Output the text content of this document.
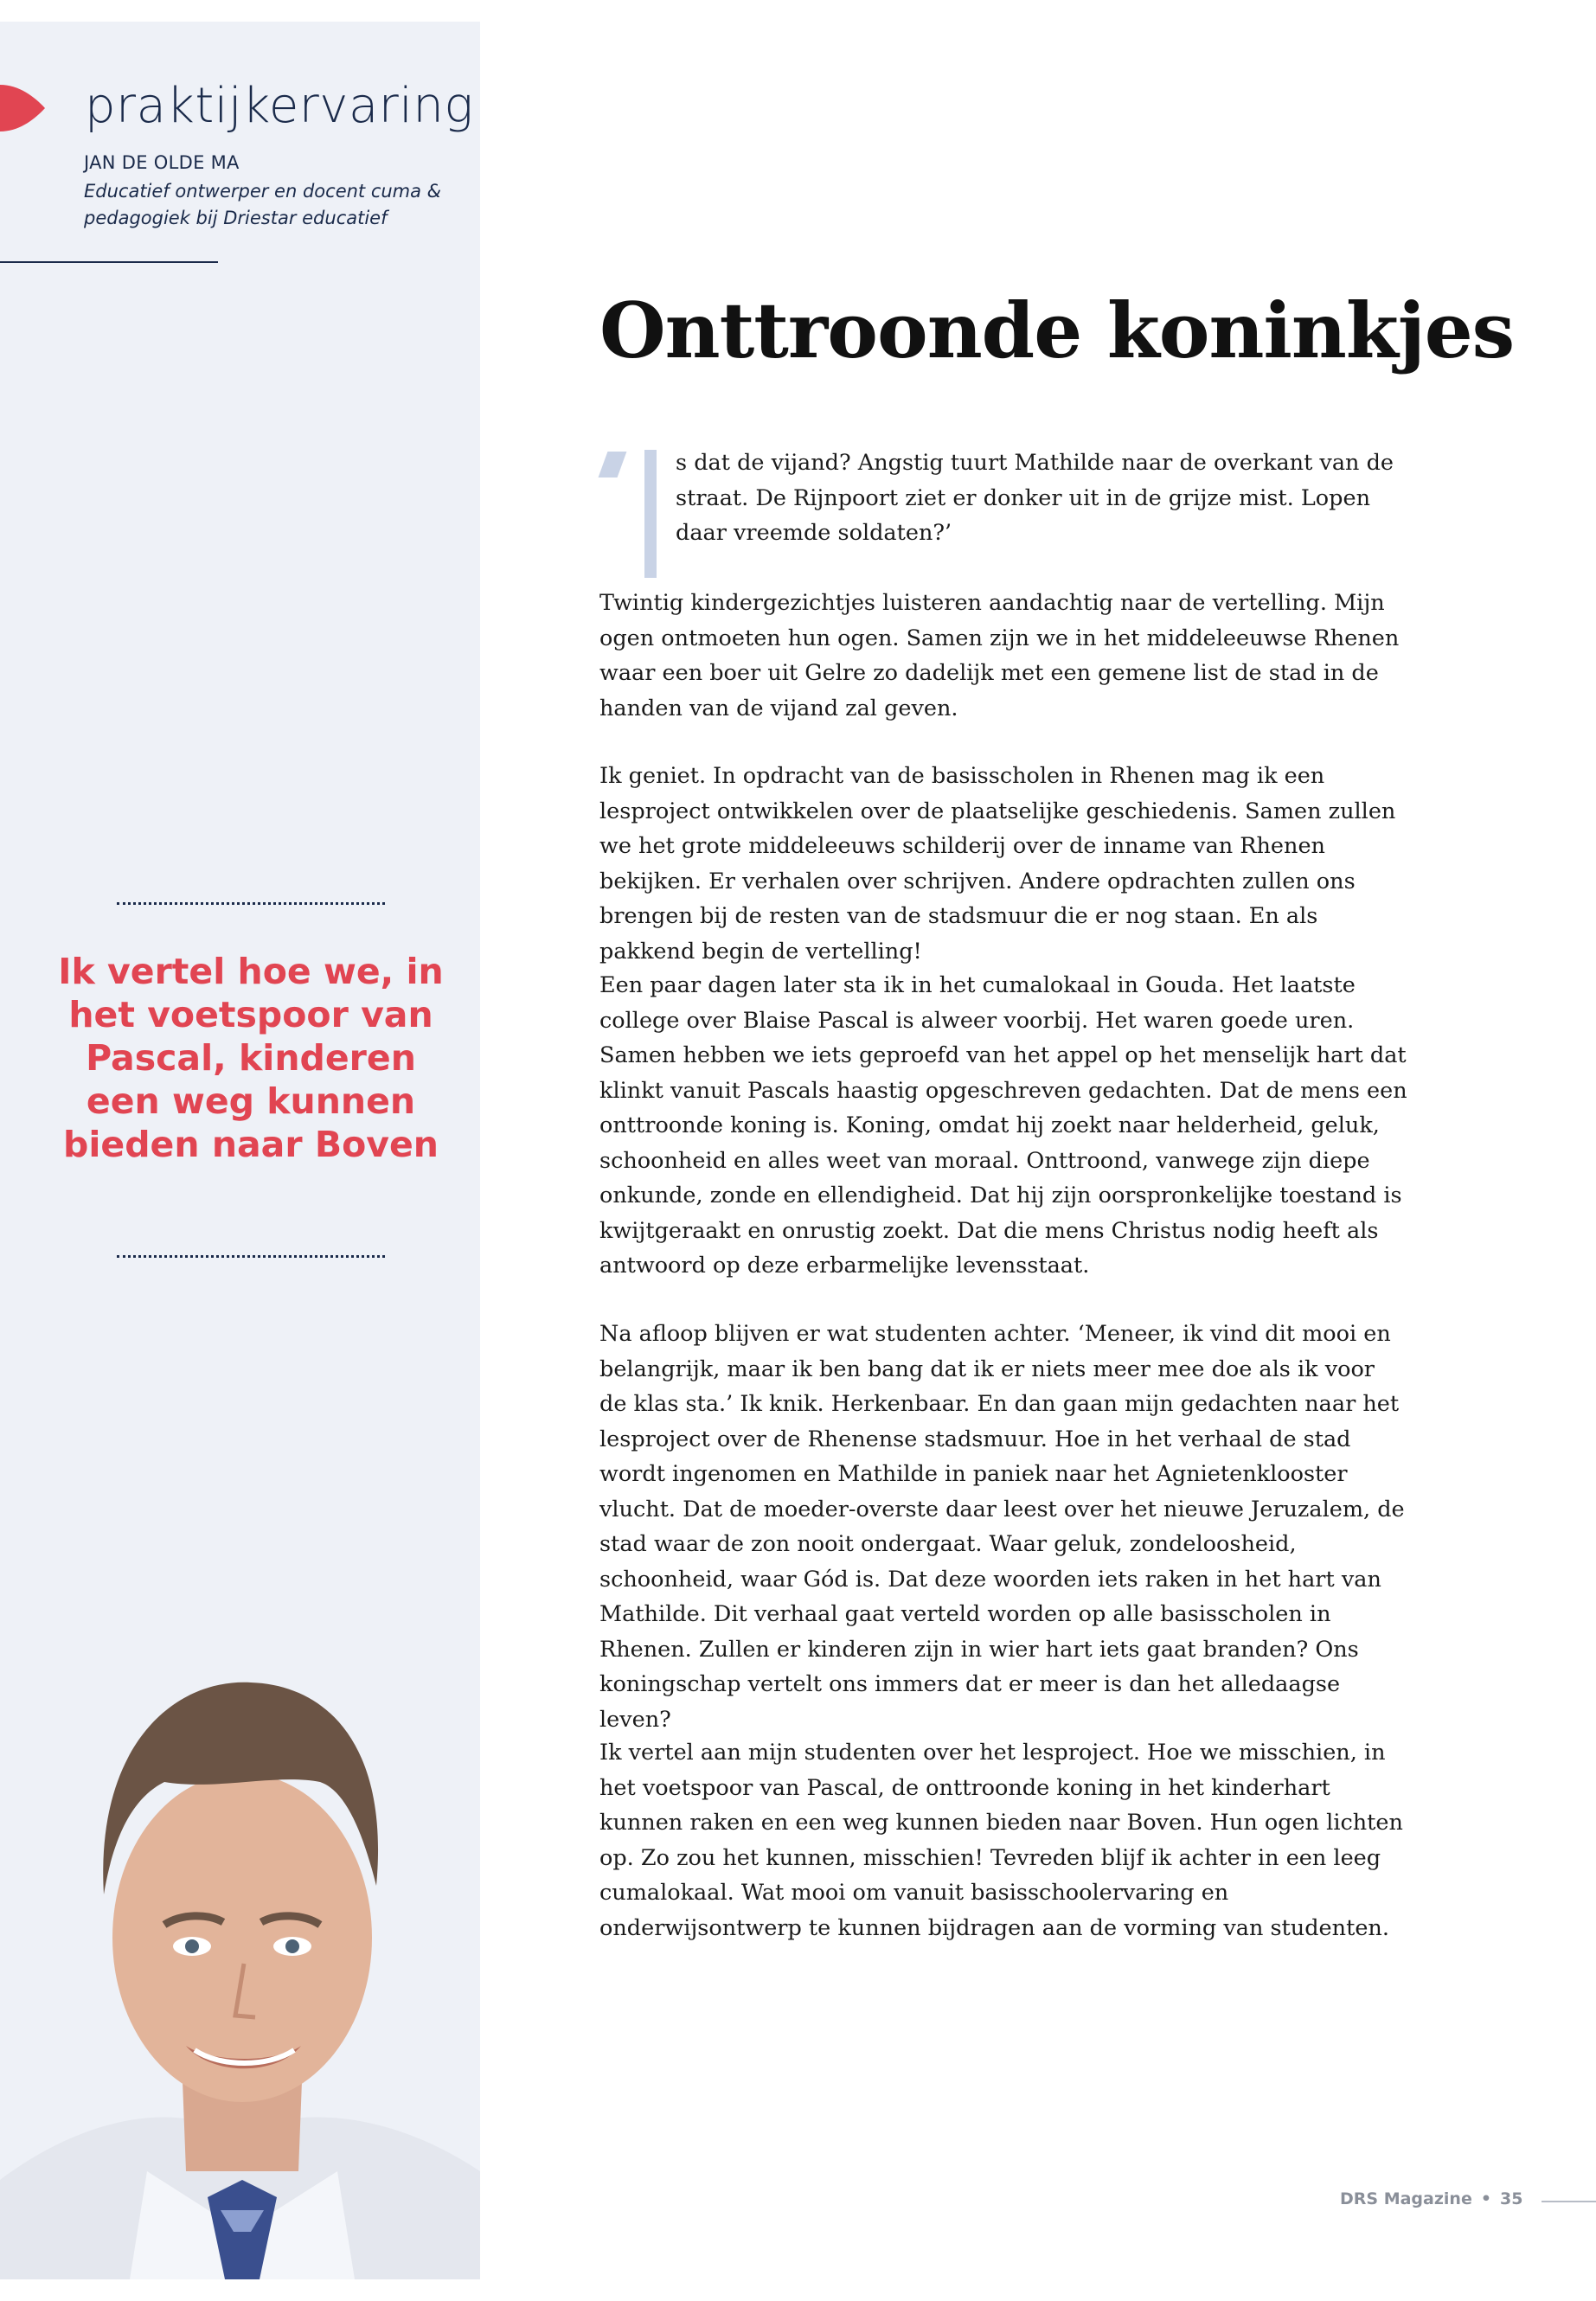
praktijkervaring
JAN DE OLDE MA
Educatief ontwerper en docent cuma & pedagogiek bij Driestar educatief
Ik vertel hoe we, in het voetspoor van Pascal, kinderen een weg kunnen bieden naar Boven
Onttroonde koninkjes

s dat de vijand? Angstig tuurt Mathilde naar de overkant van de straat. De Rijnpoort ziet er donker uit in de grijze mist. Lopen daar vreemde soldaten?’

Twintig kindergezichtjes luisteren aandachtig naar de vertelling. Mijn ogen ontmoeten hun ogen. Samen zijn we in het middeleeuwse Rhenen waar een boer uit Gelre zo dadelijk met een gemene list de stad in de handen van de vijand zal geven.

Ik geniet. In opdracht van de basisscholen in Rhenen mag ik een lesproject ontwikkelen over de plaatselijke geschiedenis. Samen zullen we het grote middeleeuws schilderij over de inname van Rhenen bekijken. Er verhalen over schrijven. Andere opdrachten zullen ons brengen bij de resten van de stadsmuur die er nog staan. En als pakkend begin de vertelling!

Een paar dagen later sta ik in het cumalokaal in Gouda. Het laatste college over Blaise Pascal is alweer voorbij. Het waren goede uren. Samen hebben we iets geproefd van het appel op het menselijk hart dat klinkt vanuit Pascals haastig opgeschreven gedachten. Dat de mens een onttroonde koning is. Koning, omdat hij zoekt naar helderheid, geluk, schoonheid en alles weet van moraal. Onttroond, vanwege zijn diepe onkunde, zonde en ellendigheid. Dat hij zijn oorspronkelijke toestand is kwijtgeraakt en onrustig zoekt. Dat die mens Christus nodig heeft als antwoord op deze erbarmelijke levensstaat.

Na afloop blijven er wat studenten achter. ‘Meneer, ik vind dit mooi en belangrijk, maar ik ben bang dat ik er niets meer mee doe als ik voor de klas sta.’ Ik knik. Herkenbaar. En dan gaan mijn gedachten naar het lesproject over de Rhenense stadsmuur. Hoe in het verhaal de stad wordt ingenomen en Mathilde in paniek naar het Agnietenklooster vlucht. Dat de moeder-overste daar leest over het nieuwe Jeruzalem, de stad waar de zon nooit ondergaat. Waar geluk, zondeloosheid, schoonheid, waar Gód is. Dat deze woorden iets raken in het hart van Mathilde. Dit verhaal gaat verteld worden op alle basisscholen in Rhenen. Zullen er kinderen zijn in wier hart iets gaat branden? Ons koningschap vertelt ons immers dat er meer is dan het alledaagse leven?

Ik vertel aan mijn studenten over het lesproject. Hoe we misschien, in het voetspoor van Pascal, de onttroonde koning in het kinderhart kunnen raken en een weg kunnen bieden naar Boven. Hun ogen lichten op. Zo zou het kunnen, misschien! Tevreden blijf ik achter in een leeg cumalokaal. Wat mooi om vanuit basisschoolervaring en onderwijsontwerp te kunnen bijdragen aan de vorming van studenten.

DRS Magazine • 35
